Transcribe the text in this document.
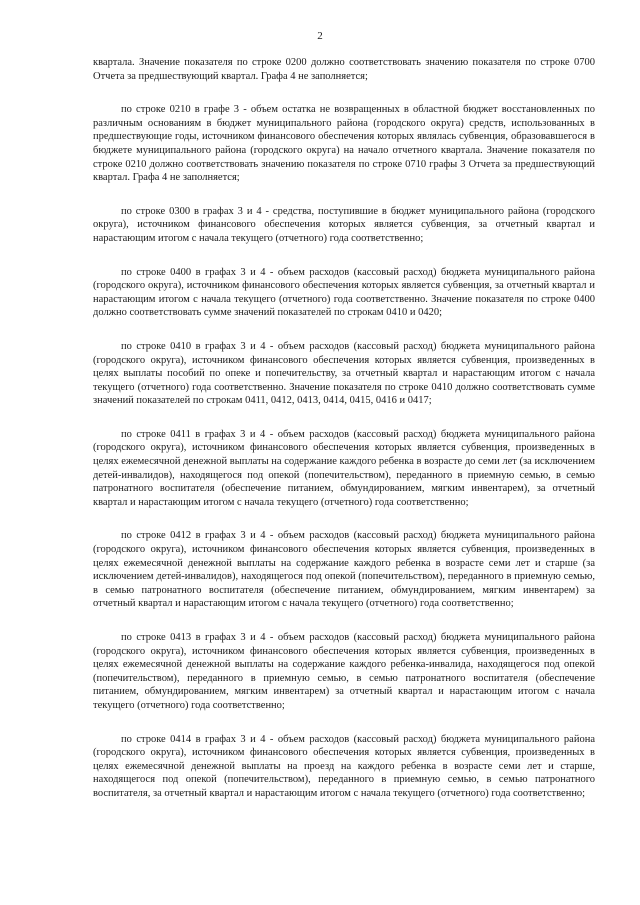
2

кварталa. Значение показателя по строке 0200 должно соответствовать значению показателя по строке 0700 Отчета за предшествующий квартал. Графа 4 не заполняется;

по строке 0210 в графе 3 - объем остатка не возвращенных в областной бюджет восстановленных по различным основаниям в бюджет муниципального района (городского округа) средств, использованных в предшествующие годы, источником финансового обеспечения которых являлась субвенция, образовавшегося в бюджете муниципального района (городского округа) на начало отчетного квартала. Значение показателя по строке 0210 должно соответствовать значению показателя по строке 0710 графы 3 Отчета за предшествующий квартал. Графа 4 не заполняется;

по строке 0300 в графах 3 и 4 - средства, поступившие в бюджет муниципального района (городского округа), источником финансового обеспечения которых является субвенция, за отчетный квартал и нарастающим итогом с начала текущего (отчетного) года соответственно;

по строке 0400 в графах 3 и 4 - объем расходов (кассовый расход) бюджета муниципального района (городского округа), источником финансового обеспечения которых является субвенция, за отчетный квартал и нарастающим итогом с начала текущего (отчетного) года соответственно. Значение показателя по строке 0400 должно соответствовать сумме значений показателей по строкам 0410 и 0420;

по строке 0410 в графах 3 и 4 - объем расходов (кассовый расход) бюджета муниципального района (городского округа), источником финансового обеспечения которых является субвенция, произведенных в целях выплаты пособий по опеке и попечительству, за отчетный квартал и нарастающим итогом с начала текущего (отчетного) года соответственно. Значение показателя по строке 0410 должно соответствовать сумме значений показателей по строкам 0411, 0412, 0413, 0414, 0415, 0416 и 0417;

по строке 0411 в графах 3 и 4 - объем расходов (кассовый расход) бюджета муниципального района (городского округа), источником финансового обеспечения которых является субвенция, произведенных в целях ежемесячной денежной выплаты на содержание каждого ребенка в возрасте до семи лет (за исключением детей-инвалидов), находящегося под опекой (попечительством), переданного в приемную семью, в семью патронатного воспитателя (обеспечение питанием, обмундированием, мягким инвентарем), за отчетный квартал и нарастающим итогом с начала текущего (отчетного) года соответственно;

по строке 0412 в графах 3 и 4 - объем расходов (кассовый расход) бюджета муниципального района (городского округа), источником финансового обеспечения которых является субвенция, произведенных в целях ежемесячной денежной выплаты на содержание каждого ребенка в возрасте семи лет и старше (за исключением детей-инвалидов), находящегося под опекой (попечительством), переданного в приемную семью, в семью патронатного воспитателя (обеспечение питанием, обмундированием, мягким инвентарем) за отчетный квартал и нарастающим итогом с начала текущего (отчетного) года соответственно;

по строке 0413 в графах 3 и 4 - объем расходов (кассовый расход) бюджета муниципального района (городского округа), источником финансового обеспечения которых является субвенция, произведенных в целях ежемесячной денежной выплаты на содержание каждого ребенка-инвалида, находящегося под опекой (попечительством), переданного в приемную семью, в семью патронатного воспитателя (обеспечение питанием, обмундированием, мягким инвентарем) за отчетный квартал и нарастающим итогом с начала текущего (отчетного) года соответственно;

по строке 0414 в графах 3 и 4 - объем расходов (кассовый расход) бюджета муниципального района (городского округа), источником финансового обеспечения которых является субвенция, произведенных в целях ежемесячной денежной выплаты на проезд на каждого ребенка в возрасте семи лет и старше, находящегося под опекой (попечительством), переданного в приемную семью, в семью патронатного воспитателя, за отчетный квартал и нарастающим итогом с начала текущего (отчетного) года соответственно;
